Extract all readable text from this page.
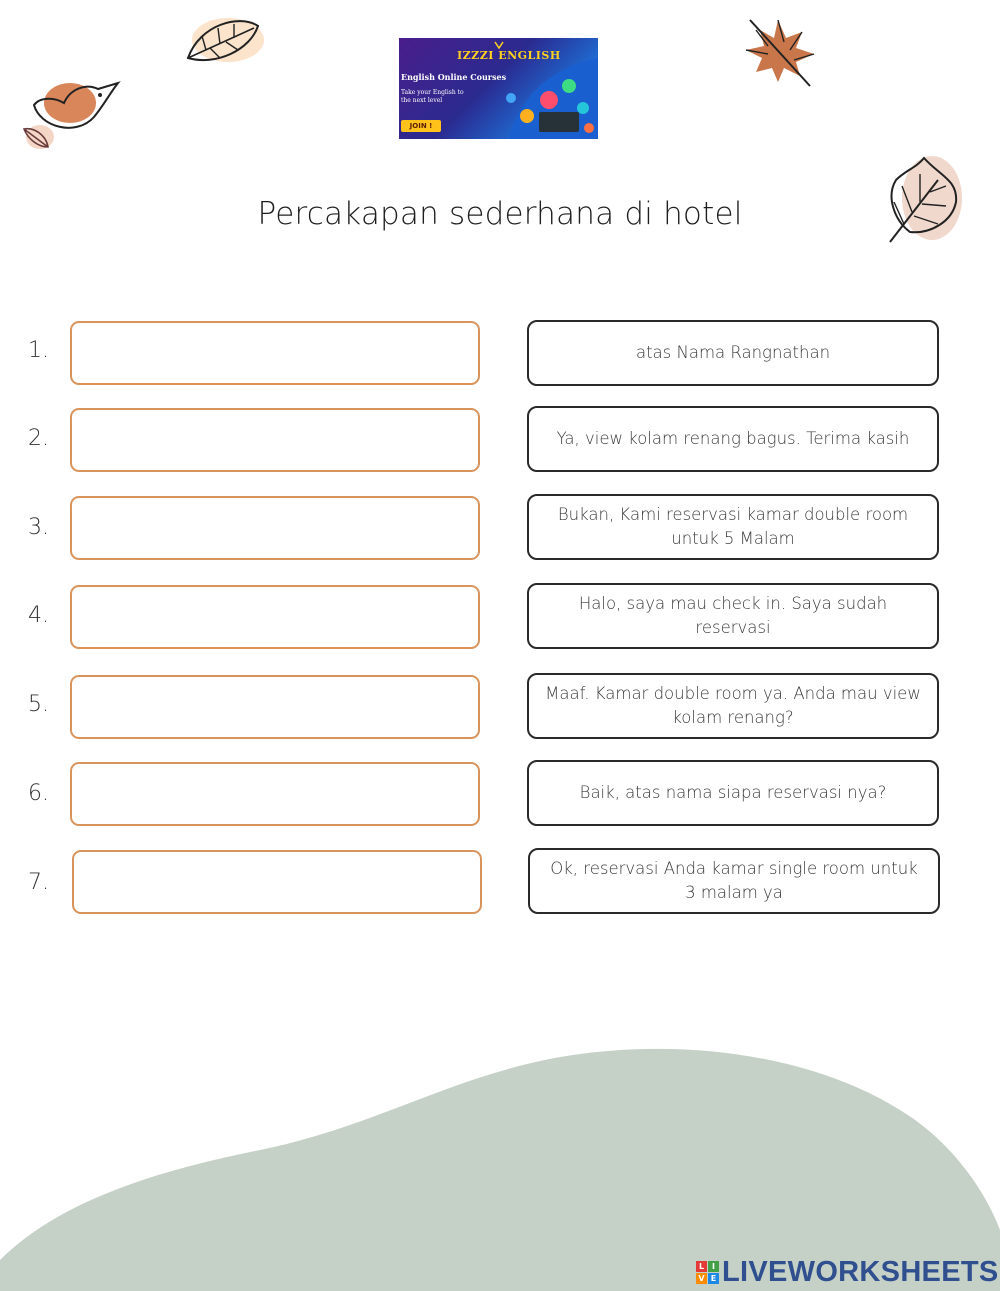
IZZZI ENGLISH
English Online Courses
Take your English to the next level
JOIN !
Percakapan sederhana di hotel
1.
2.
3.
4.
5.
6.
7.
atas Nama Rangnathan
Ya, view kolam renang bagus. Terima kasih
Bukan, Kami reservasi kamar double room untuk 5 Malam
Halo, saya mau check in. Saya sudah reservasi
Maaf. Kamar double room ya. Anda mau view kolam renang?
Baik, atas nama siapa reservasi nya?
Ok, reservasi Anda kamar single room untuk 3 malam ya
L I
V E LIVEWORKSHEETS
